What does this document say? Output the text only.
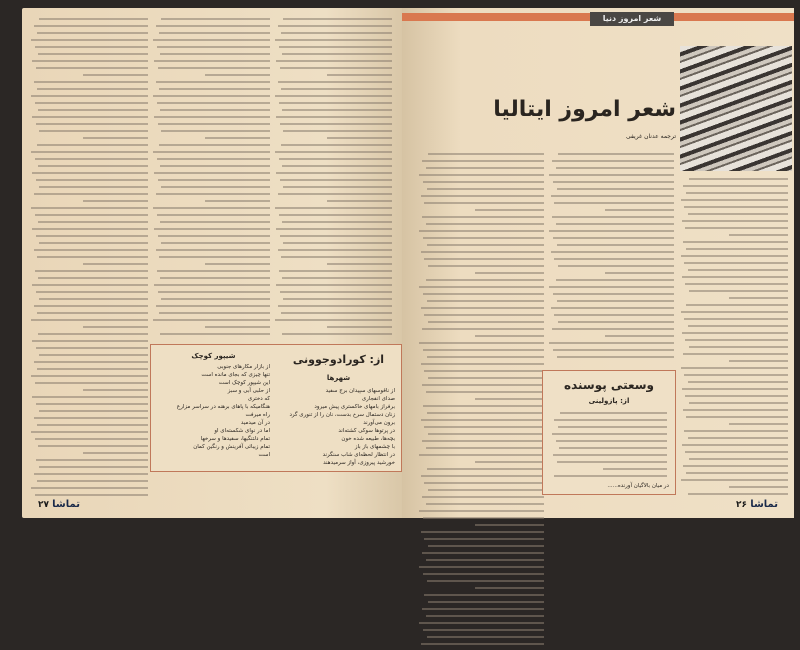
از: کورادوجوونی
شهرها
از ناقوسهای سپیدان برج سفید
صدای انفجاری
برفراز بامهای خاکستری پیش میرود
زنان دستمال سرخ بدست، نان را از تنوری گرد
برون می‌آورند
در پرتوها سوکی کشته‌اند
بچه‌ها، طبیعه شده خون
با چشمهای باز باز
در انتظار لحظه‌ای شاب سنگرند
خورشید پیروزی، آواز سرمیدهند
شیپور کوچک
از بازار مکارهای جنوبی
تنها چیزی که بجای مانده است
این شیپور کوچک است
از حلبی آبی و سبز
که دختری
هنگامیکه با پاهای برهنه در سراسر مزارع
راه میرفت
در آن میدمید
اما در نوای شکسته‌ای او
تمام دلتنگیها، سفیدها و سرخها
تمام زیبائی آفرینش و رنگین کمان
است
۲۷ تماشا
شعر امروز دنیا
شعر امروز ایتالیا
ترجمه عدنان غریفی
وسعتی پوسنده
از: پازولینی
در میان بالاگیان آورنده......
تماشا ۲۶
